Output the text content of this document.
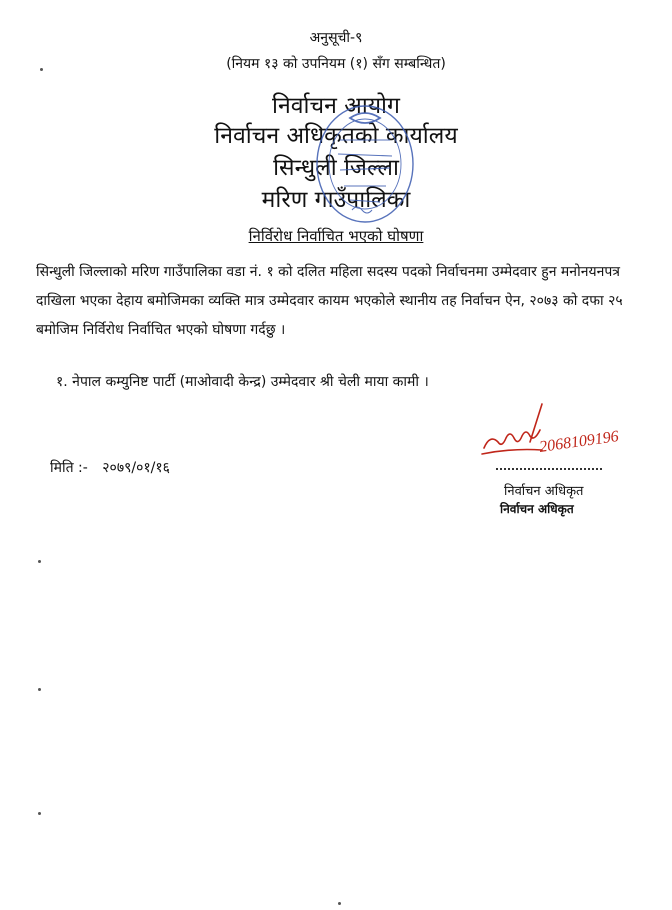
अनुसूची-९
(नियम १३ को उपनियम (१) सँग सम्बन्धित)
निर्वाचन आयोग
निर्वाचन अधिकृतको कार्यालय
सिन्धुली जिल्ला
मरिण गाउँपालिका
निर्विरोध निर्वाचित भएको घोषणा
सिन्धुली जिल्लाको मरिण गाउँपालिका वडा नं. १ को दलित महिला सदस्य पदको निर्वाचनमा उम्मेदवार हुन मनोनयनपत्र दाखिला भएका देहाय बमोजिमका व्यक्ति मात्र उम्मेदवार कायम भएकोले स्थानीय तह निर्वाचन ऐन, २०७३ को दफा २५ बमोजिम निर्विरोध निर्वाचित भएको घोषणा गर्दछु ।
१. नेपाल कम्युनिष्ट पार्टी (माओवादी केन्द्र) उम्मेदवार श्री चेली माया कामी ।
मिति :- २०७९/०१/१६
2068109196
निर्वाचन अधिकृत
निर्वाचन अधिकृत
